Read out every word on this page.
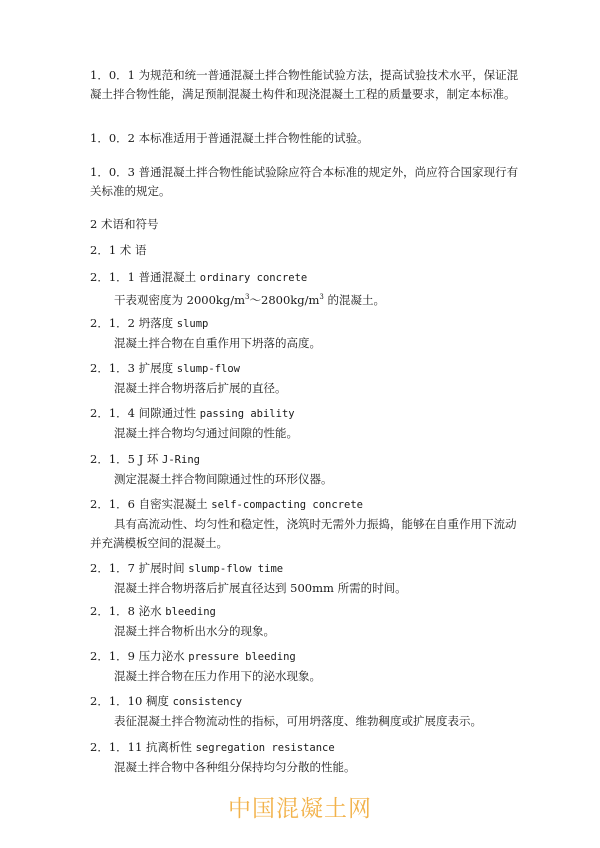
1．0．1 为规范和统一普通混凝土拌合物性能试验方法，提高试验技术水平，保证混凝土拌合物性能，满足预制混凝土构件和现浇混凝土工程的质量要求，制定本标准。

1．0．2 本标准适用于普通混凝土拌合物性能的试验。

1．0．3 普通混凝土拌合物性能试验除应符合本标准的规定外，尚应符合国家现行有关标准的规定。

2 术语和符号

2．1 术 语

2．1．1 普通混凝土 ordinary concrete
干表观密度为 $2000kg/m^3\sim 2800kg/m^3$ 的混凝土。
2．1．2 坍落度 slump
混凝土拌合物在自重作用下坍落的高度。
2．1．3 扩展度 slump-flow
混凝土拌合物坍落后扩展的直径。
2．1．4 间隙通过性 passing ability
混凝土拌合物均匀通过间隙的性能。
2．1．5 J 环 J-Ring
测定混凝土拌合物间隙通过性的环形仪器。
2．1．6 自密实混凝土 self-compacting concrete
具有高流动性、均匀性和稳定性，浇筑时无需外力振捣，能够在自重作用下流动并充满模板空间的混凝土。
2．1．7 扩展时间 slump-flow time
混凝土拌合物坍落后扩展直径达到 500mm 所需的时间。
2．1．8 泌水 bleeding
混凝土拌合物析出水分的现象。
2．1．9 压力泌水 pressure bleeding
混凝土拌合物在压力作用下的泌水现象。
2．1．10 稠度 consistency
表征混凝土拌合物流动性的指标，可用坍落度、维勃稠度或扩展度表示。
2．1．11 抗离析性 segregation resistance
混凝土拌合物中各种组分保持均匀分散的性能。
中国混凝土网
